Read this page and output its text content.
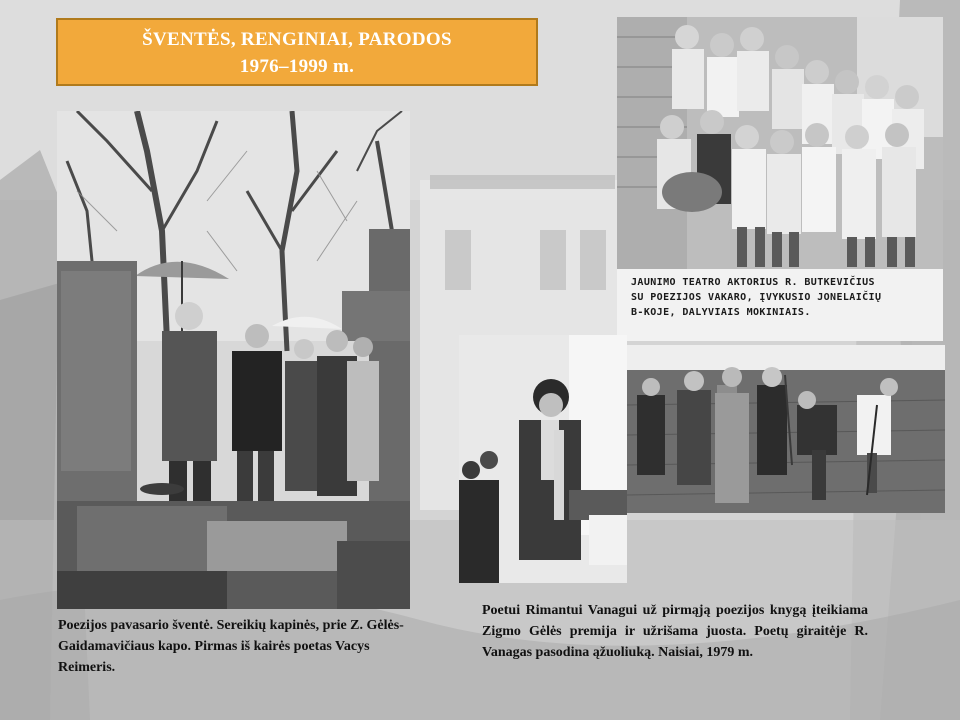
ŠVENTĖS, RENGINIAI, PARODOS
1976–1999 m.
Poezijos pavasario šventė. Sereikių kapinės, prie Z. Gėlės-Gaidamavičiaus kapo. Pirmas iš kairės poetas Vacys Reimeris.
JAUNIMO TEATRO AKTORIUS R. BUTKEVIČIUS
SU POEZIJOS VAKARO, ĮVYKUSIO JONELAIČIŲ
B-KOJE, DALYVIAIS MOKINIAIS.
Poetui Rimantui Vanagui už pirmąją poezijos knygą įteikiama Zigmo Gėlės premija ir užrišama juosta. Poetų giraitėje R. Vanagas pasodina ąžuoliuką. Naisiai, 1979 m.
